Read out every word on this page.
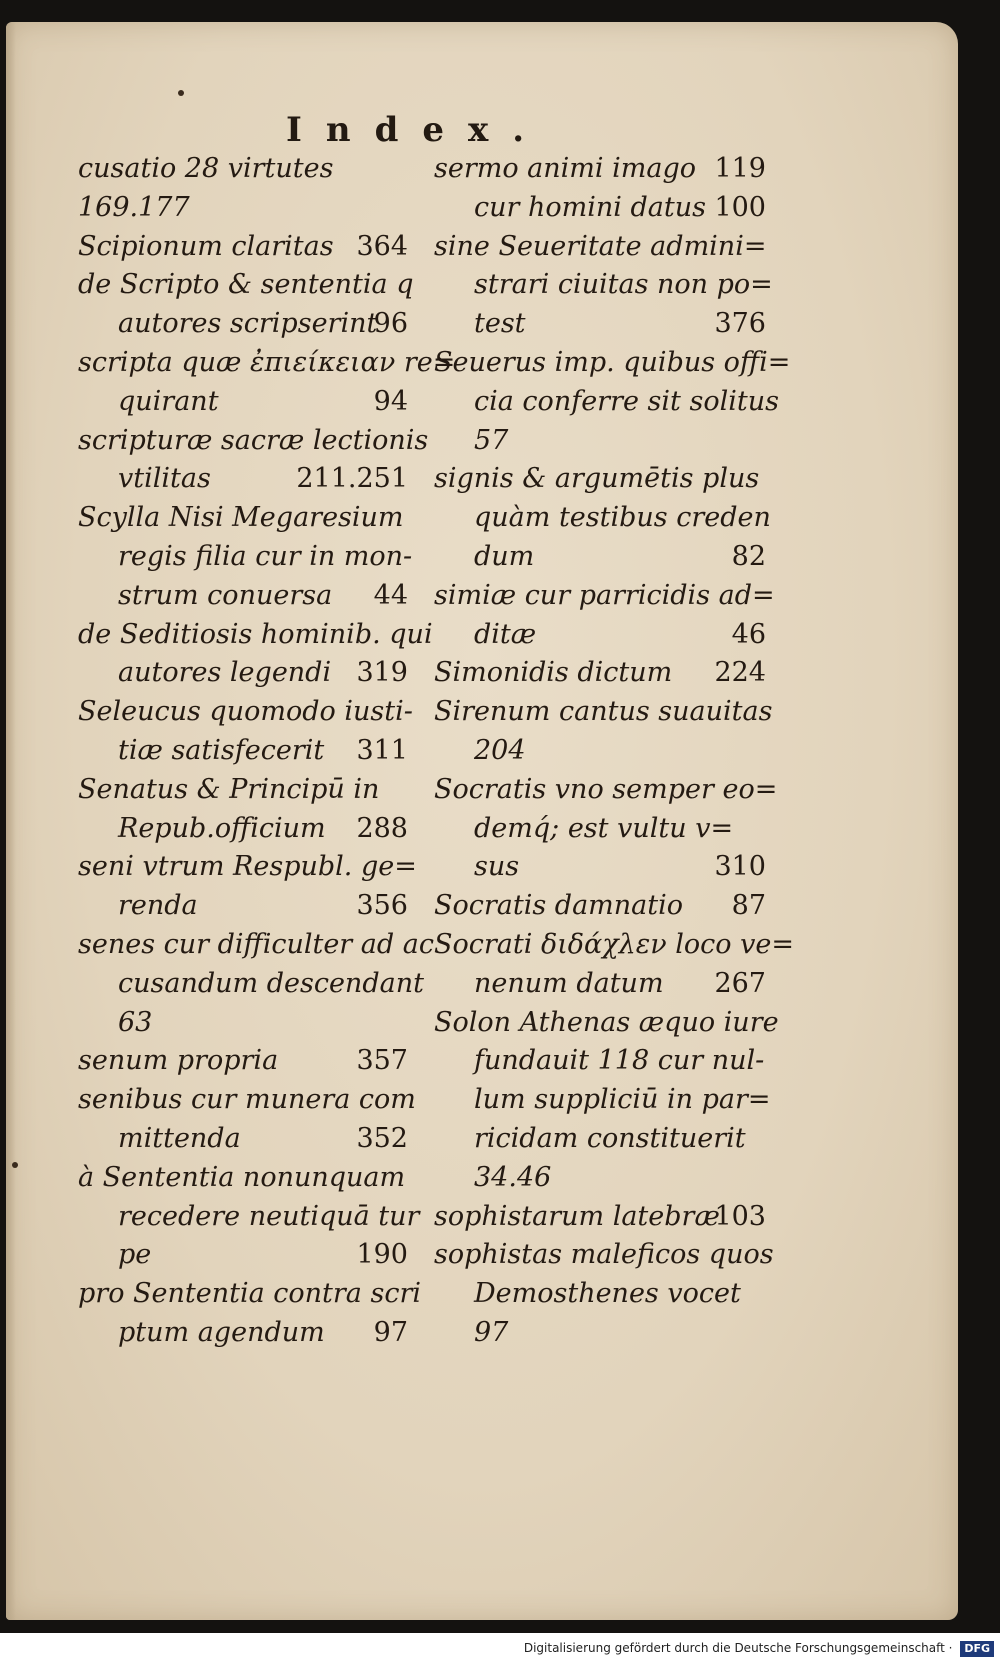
Index.
cusatio 28 virtutes
169.177
Scipionum claritas 364
de Scripto & sententia q
autores scripserint
96
scripta quæ ἐπιείκειαν re=
quirant	94
scripturæ sacræ lectionis
vtilitas	211.251
Scylla Nisi Megaresium
regis filia cur in mon-
strum conuersa 44
de Seditiosis hominib. qui
autores legendi 319
Seleucus quomodo iusti-
tiæ satisfecerit 311
Senatus & Principū in
Repub.officium 288
seni vtrum Respubl. ge=
renda	356
senes cur difficulter ad ac
cusandum descendant
63
senum propria	357
senibus cur munera com
mittenda	352
à Sententia nonunquam
recedere neutiquā tur
pe	190
pro Sententia contra scri
ptum agendum 97
sermo animi imago 119
cur homini datus 100
sine Seueritate admini=
strari ciuitas non po=
test	376
Seuerus imp. quibus offi=
cia conferre sit solitus
57
signis & argumētis plus
quàm testibus creden
dum	82
simiæ cur parricidis ad=
ditæ	46
Simonidis dictum 224
Sirenum cantus suauitas
204
Socratis vno semper eo=
demq́; est vultu v=
sus	310
Socratis damnatio 87
Socrati διδάχλεν loco ve=
nenum datum 267
Solon Athenas æquo iure
fundauit 118 cur nul-
lum suppliciū in par=
ricidam constituerit
34.46
sophistarum latebræ
103
sophistas maleficos quos
Demosthenes vocet
97
Digitalisierung gefördert durch die Deutsche Forschungsgemeinschaft · DFG
